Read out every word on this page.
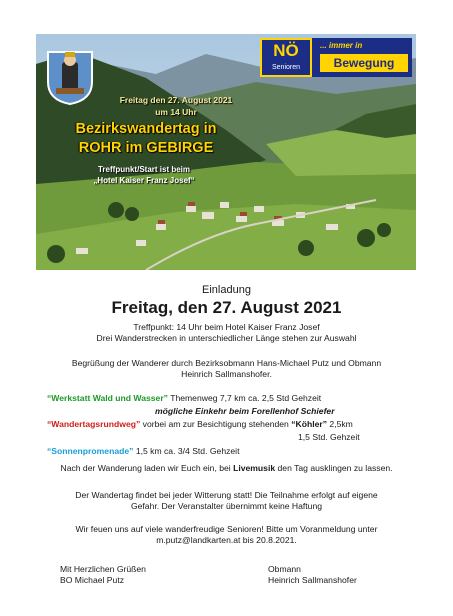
Freitag den 27. August 2021
um 14 Uhr
Bezirkswandertag in
ROHR im GEBIRGE
Treffpunkt/Start ist beim
„Hotel Kaiser Franz Josef“
NÖ
Senioren
... immer in
Bewegung
Einladung
Freitag, den 27. August 2021
Treffpunkt: 14 Uhr beim Hotel Kaiser Franz Josef
Drei Wanderstrecken in unterschiedlicher Länge stehen zur Auswahl
Begrüßung der Wanderer durch Bezirksobmann Hans-Michael Putz und Obmann
Heinrich Sallmanshofer.
“Werkstatt Wald und Wasser” Themenweg 7,7 km ca. 2,5 Std Gehzeit
mögliche Einkehr beim Forellenhof Schiefer
“Wandertagsrundweg” vorbei am zur Besichtigung stehenden “Köhler” 2,5km
1,5 Std. Gehzeit
“Sonnenpromenade” 1,5 km ca. 3/4 Std. Gehzeit
Nach der Wanderung laden wir Euch ein, bei Livemusik den Tag ausklingen zu lassen.
Der Wandertag findet bei jeder Witterung statt! Die Teilnahme erfolgt auf eigene
Gefahr. Der Veranstalter übernimmt keine Haftung
Wir feuen uns auf viele wanderfreudige Senioren! Bitte um Voranmeldung unter
m.putz@landkarten.at bis 20.8.2021.
Mit Herzlichen Grüßen
BO Michael Putz
Obmann
Heinrich Sallmanshofer
